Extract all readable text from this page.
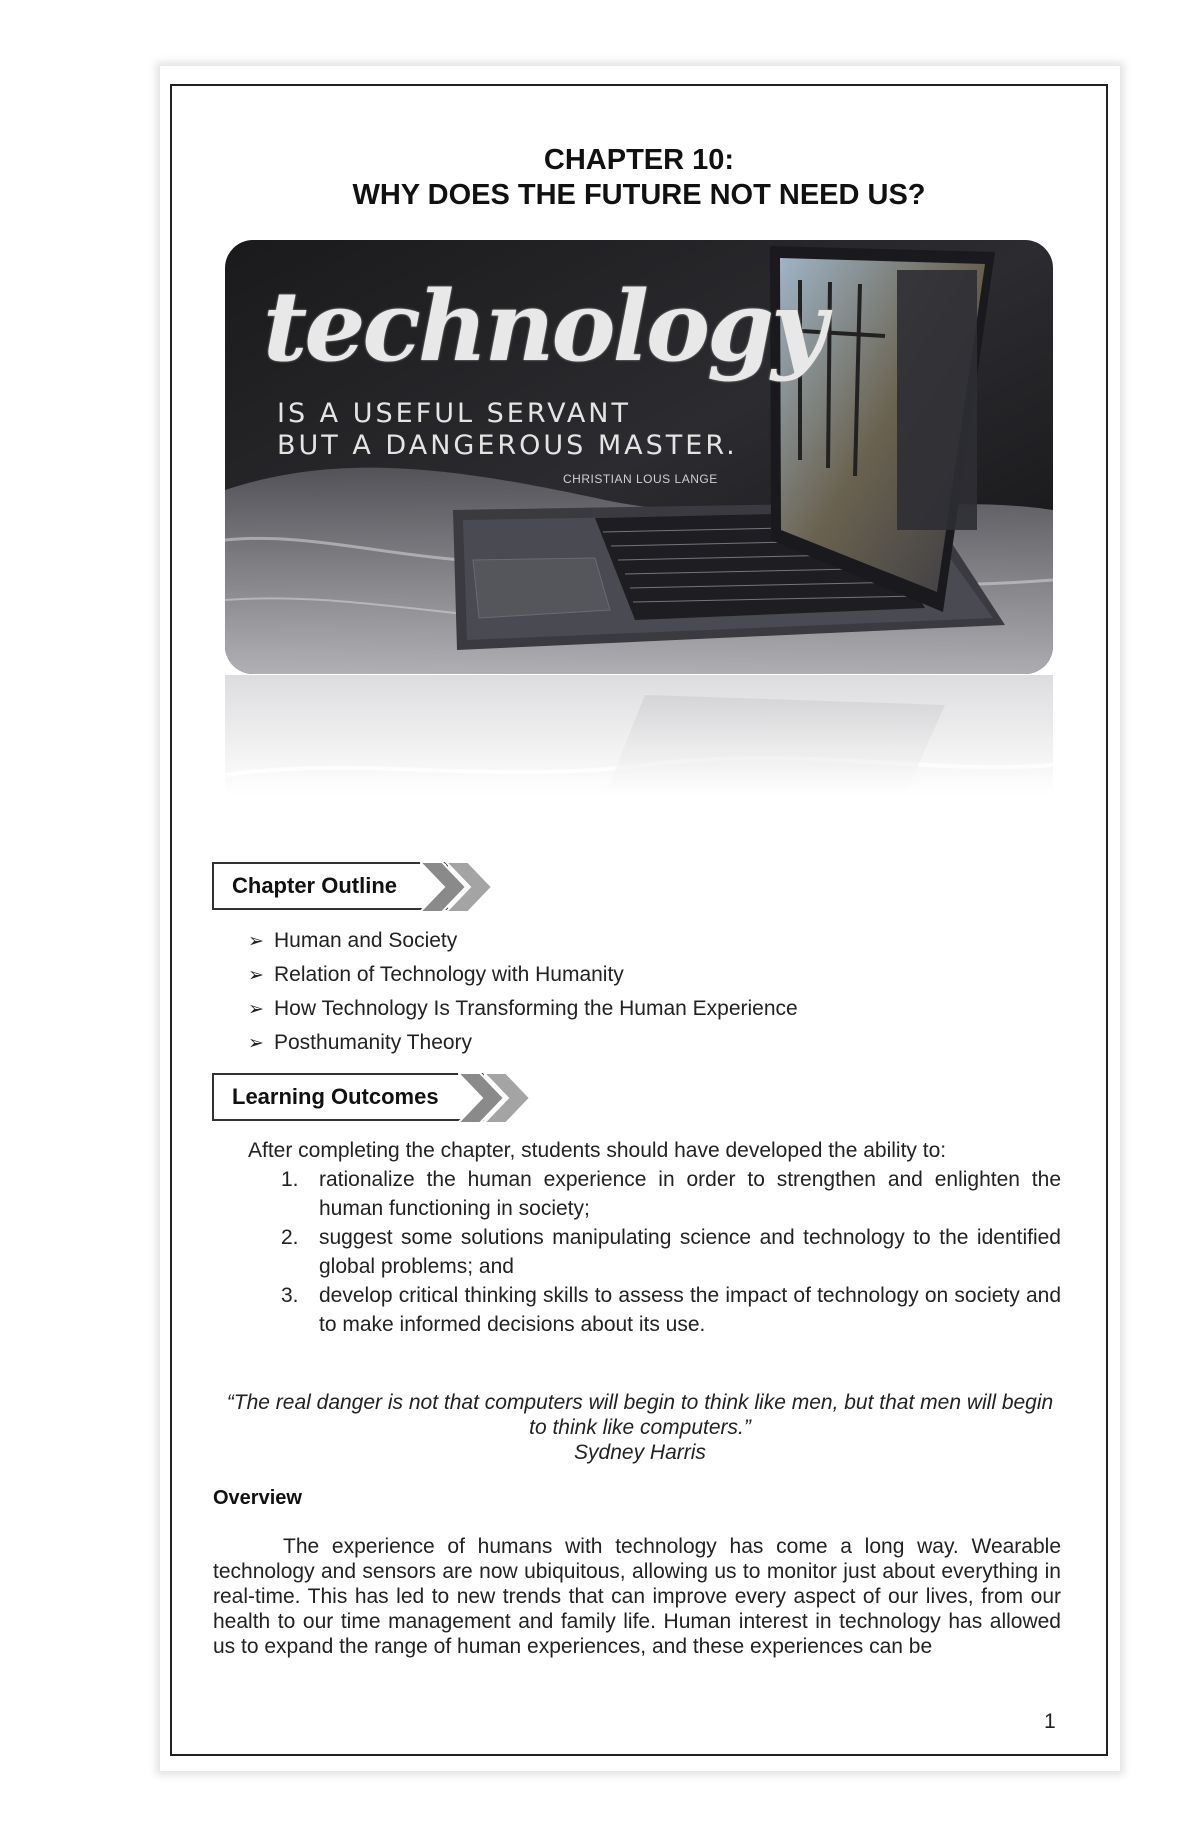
CHAPTER 10:
WHY DOES THE FUTURE NOT NEED US?
technology
IS A USEFUL SERVANT
BUT A DANGEROUS MASTER.
CHRISTIAN LOUS LANGE
Chapter Outline
➢ Human and Society
➢ Relation of Technology with Humanity
➢ How Technology Is Transforming the Human Experience
➢ Posthumanity Theory
Learning Outcomes
After completing the chapter, students should have developed the ability to:
1. rationalize the human experience in order to strengthen and enlighten the human functioning in society;
2. suggest some solutions manipulating science and technology to the identified global problems; and
3. develop critical thinking skills to assess the impact of technology on society and to make informed decisions about its use.
“The real danger is not that computers will begin to think like men, but that men will begin to think like computers.”
Sydney Harris
Overview

The experience of humans with technology has come a long way. Wearable technology and sensors are now ubiquitous, allowing us to monitor just about everything in real-time. This has led to new trends that can improve every aspect of our lives, from our health to our time management and family life. Human interest in technology has allowed us to expand the range of human experiences, and these experiences can be

1
